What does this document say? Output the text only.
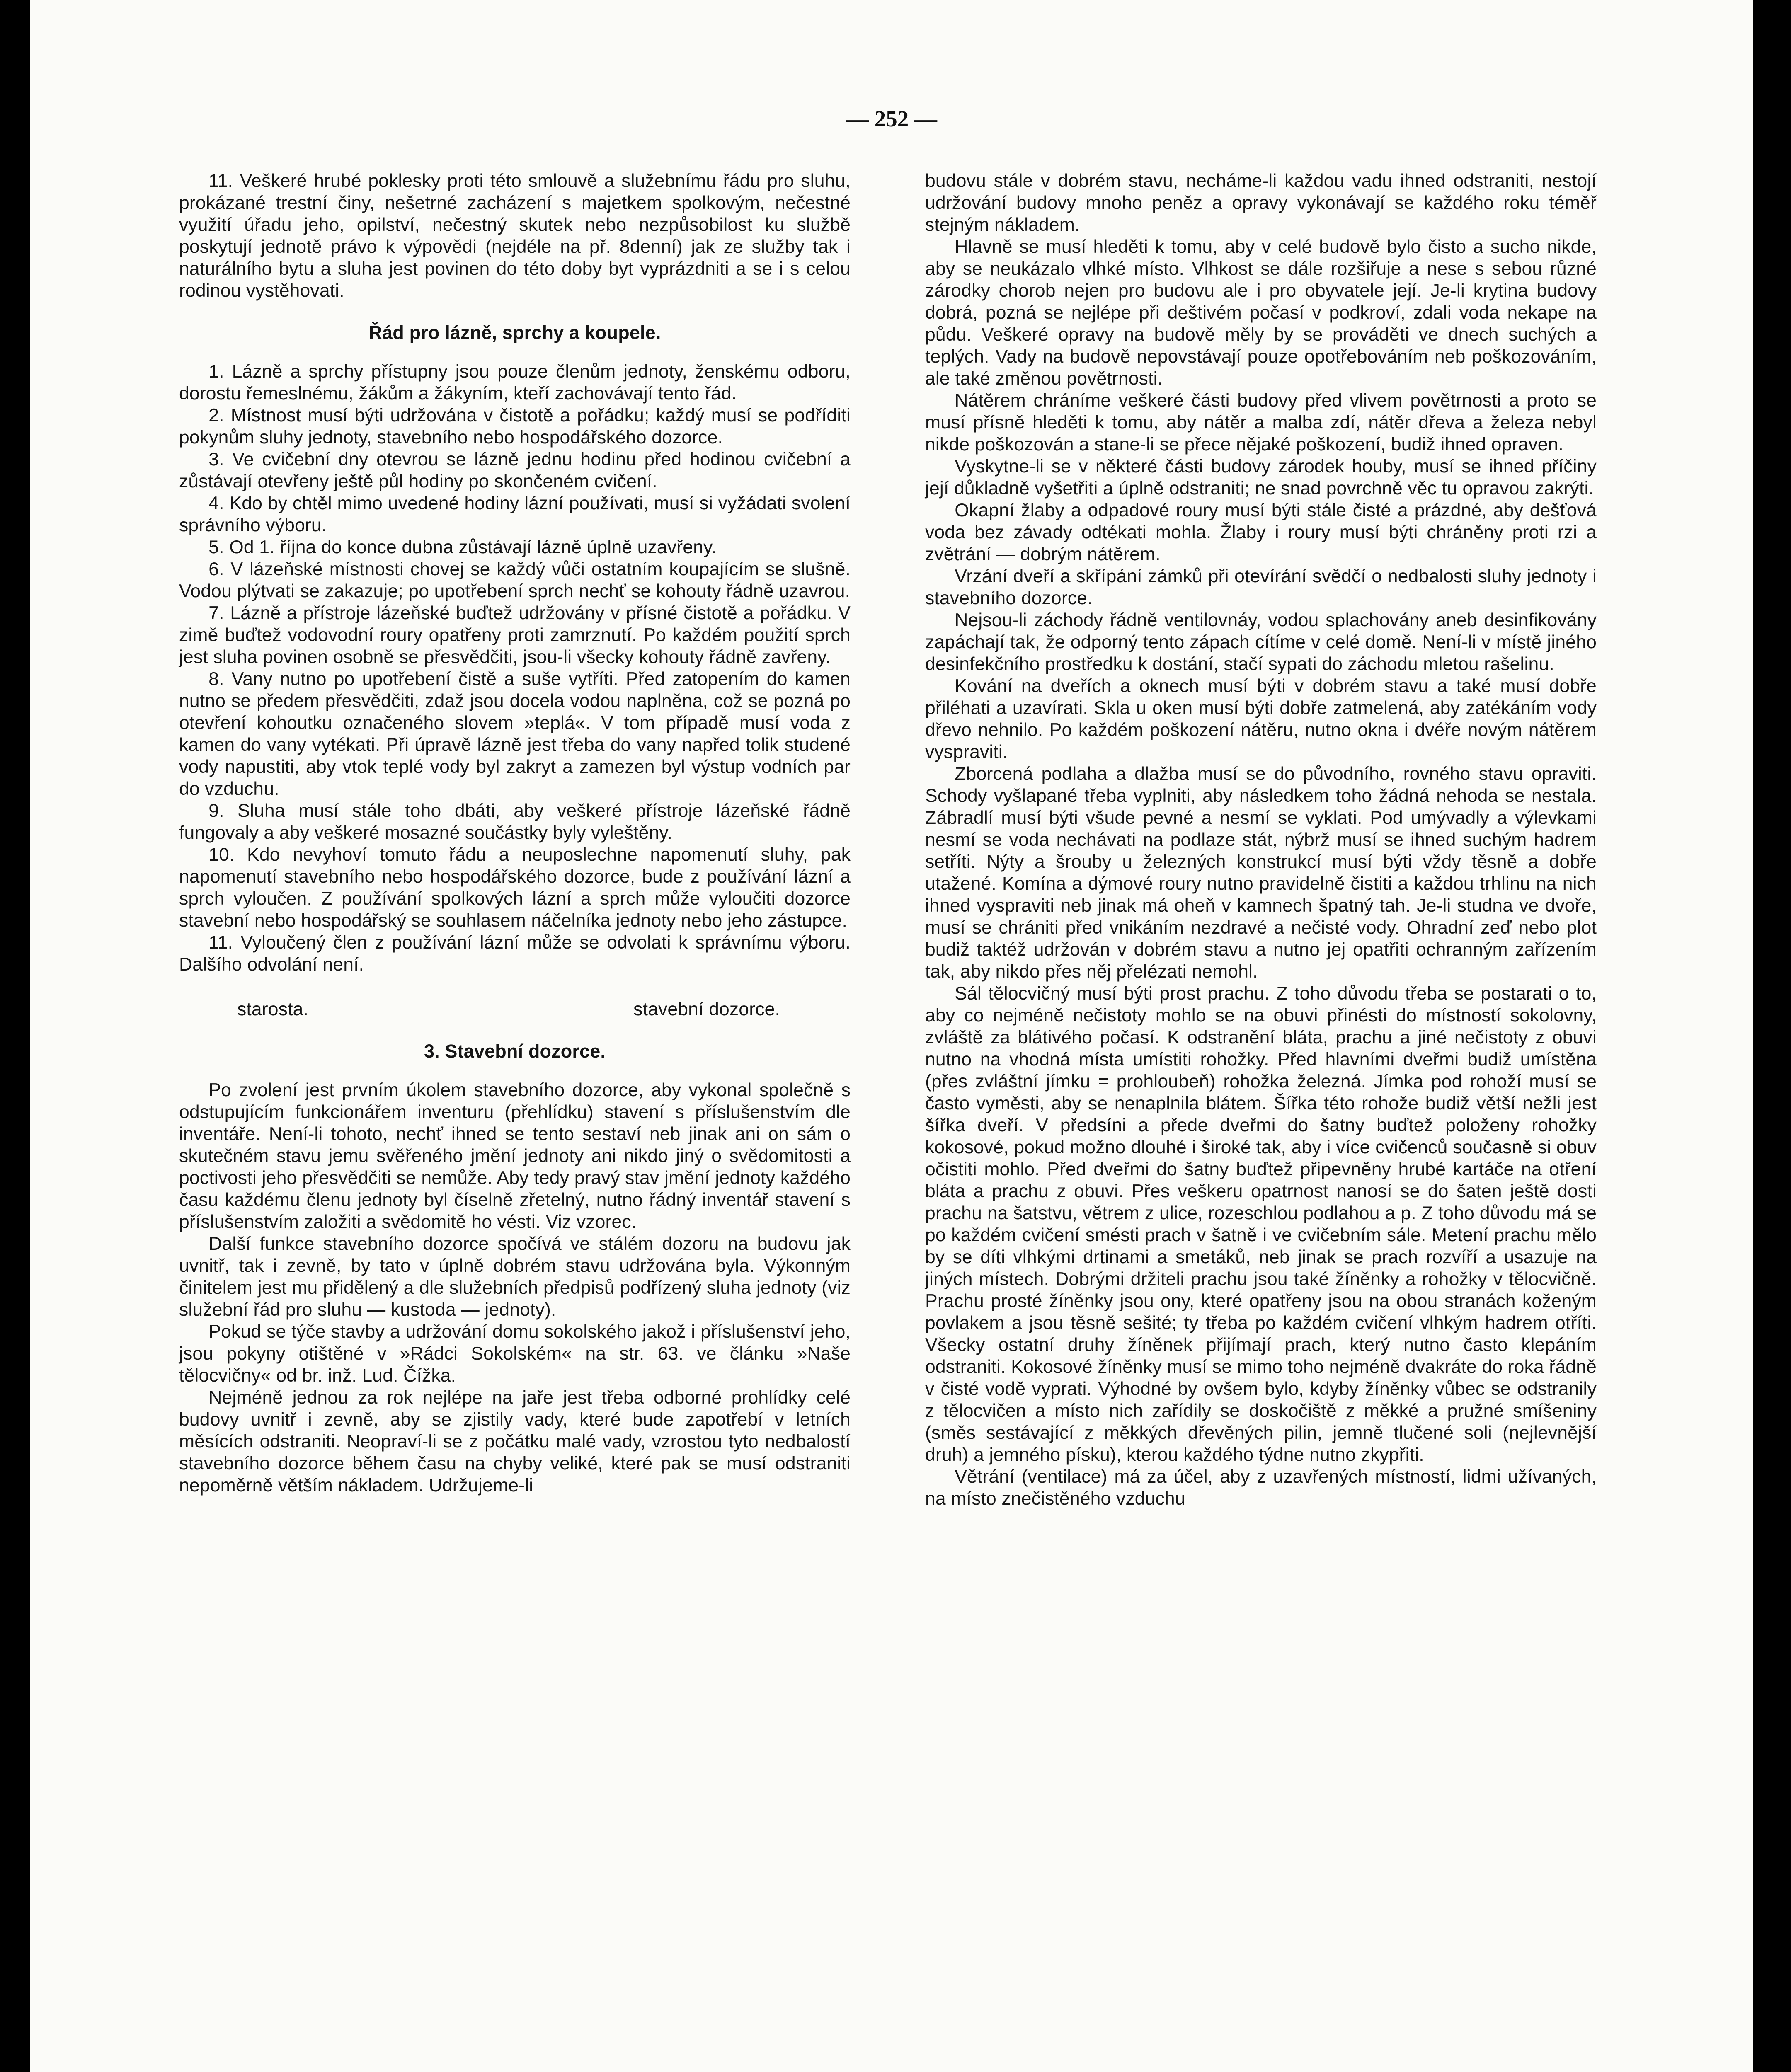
— 252 —

11. Veškeré hrubé poklesky proti této smlouvě a služebnímu řádu pro sluhu, prokázané trestní činy, nešetrné zacházení s majetkem spolkovým, nečestné využití úřadu jeho, opilství, nečestný skutek nebo nezpůsobilost ku službě poskytují jednotě právo k výpovědi (nejdéle na př. 8denní) jak ze služby tak i naturálního bytu a sluha jest povinen do této doby byt vyprázdniti a se i s celou rodinou vystěhovati.

Řád pro lázně, sprchy a koupele.

1. Lázně a sprchy přístupny jsou pouze členům jednoty, ženskému odboru, dorostu řemeslnému, žákům a žákyním, kteří zachovávají tento řád.

2. Místnost musí býti udržována v čistotě a pořádku; každý musí se podříditi pokynům sluhy jednoty, stavebního nebo hospodářského dozorce.

3. Ve cvičební dny otevrou se lázně jednu hodinu před hodinou cvičební a zůstávají otevřeny ještě půl hodiny po skončeném cvičení.

4. Kdo by chtěl mimo uvedené hodiny lázní používati, musí si vyžádati svolení správního výboru.

5. Od 1. října do konce dubna zůstávají lázně úplně uzavřeny.

6. V lázeňské místnosti chovej se každý vůči ostatním koupajícím se slušně. Vodou plýtvati se zakazuje; po upotřebení sprch nechť se kohouty řádně uzavrou.

7. Lázně a přístroje lázeňské buďtež udržovány v přísné čistotě a pořádku. V zimě buďtež vodovodní roury opatřeny proti zamrznutí. Po každém použití sprch jest sluha povinen osobně se přesvědčiti, jsou-li všecky kohouty řádně zavřeny.

8. Vany nutno po upotřebení čistě a suše vytříti. Před zatopením do kamen nutno se předem přesvědčiti, zdaž jsou docela vodou naplněna, což se pozná po otevření kohoutku označeného slovem »teplá«. V tom případě musí voda z kamen do vany vytékati. Při úpravě lázně jest třeba do vany napřed tolik studené vody napustiti, aby vtok teplé vody byl zakryt a zamezen byl výstup vodních par do vzduchu.

9. Sluha musí stále toho dbáti, aby veškeré přístroje lázeňské řádně fungovaly a aby veškeré mosazné součástky byly vyleštěny.

10. Kdo nevyhoví tomuto řádu a neuposlechne napomenutí sluhy, pak napomenutí stavebního nebo hospodářského dozorce, bude z používání lázní a sprch vyloučen. Z používání spolkových lázní a sprch může vyloučiti dozorce stavební nebo hospodářský se souhlasem náčelníka jednoty nebo jeho zástupce.

11. Vyloučený člen z používání lázní může se odvolati k správnímu výboru. Dalšího odvolání není.

starosta.	stavební dozorce.
3. Stavební dozorce.

Po zvolení jest prvním úkolem stavebního dozorce, aby vykonal společně s odstupujícím funkcionářem inventuru (přehlídku) stavení s příslušenstvím dle inventáře. Není-li tohoto, nechť ihned se tento sestaví neb jinak ani on sám o skutečném stavu jemu svěřeného jmění jednoty ani nikdo jiný o svědomitosti a poctivosti jeho přesvědčiti se nemůže. Aby tedy pravý stav jmění jednoty každého času každému členu jednoty byl číselně zřetelný, nutno řádný inventář stavení s příslušenstvím založiti a svědomitě ho vésti. Viz vzorec.

Další funkce stavebního dozorce spočívá ve stálém dozoru na budovu jak uvnitř, tak i zevně, by tato v úplně dobrém stavu udržována byla. Výkonným činitelem jest mu přidělený a dle služebních předpisů podřízený sluha jednoty (viz služební řád pro sluhu — kustoda — jednoty).

Pokud se týče stavby a udržování domu sokolského jakož i příslušenství jeho, jsou pokyny otištěné v »Rádci Sokolském« na str. 63. ve článku »Naše tělocvičny« od br. inž. Lud. Čížka.

Nejméně jednou za rok nejlépe na jaře jest třeba odborné prohlídky celé budovy uvnitř i zevně, aby se zjistily vady, které bude zapotřebí v letních měsících odstraniti. Neopraví-li se z počátku malé vady, vzrostou tyto nedbalostí stavebního dozorce během času na chyby veliké, které pak se musí odstraniti nepoměrně větším nákladem. Udržujeme-li

budovu stále v dobrém stavu, necháme-li každou vadu ihned odstraniti, nestojí udržování budovy mnoho peněz a opravy vykonávají se každého roku téměř stejným nákladem.

Hlavně se musí hleděti k tomu, aby v celé budově bylo čisto a sucho nikde, aby se neukázalo vlhké místo. Vlhkost se dále rozšiřuje a nese s sebou různé zárodky chorob nejen pro budovu ale i pro obyvatele její. Je-li krytina budovy dobrá, pozná se nejlépe při deštivém počasí v podkroví, zdali voda nekape na půdu. Veškeré opravy na budově měly by se prováděti ve dnech suchých a teplých. Vady na budově nepovstávají pouze opotřebováním neb poškozováním, ale také změnou povětrnosti.

Nátěrem chráníme veškeré části budovy před vlivem povětrnosti a proto se musí přísně hleděti k tomu, aby nátěr a malba zdí, nátěr dřeva a železa nebyl nikde poškozován a stane-li se přece nějaké poškození, budiž ihned opraven.

Vyskytne-li se v některé části budovy zárodek houby, musí se ihned příčiny její důkladně vyšetřiti a úplně odstraniti; ne snad povrchně věc tu opravou zakrýti.

Okapní žlaby a odpadové roury musí býti stále čisté a prázdné, aby dešťová voda bez závady odtékati mohla. Žlaby i roury musí býti chráněny proti rzi a zvětrání — dobrým nátěrem.

Vrzání dveří a skřípání zámků při otevírání svědčí o nedbalosti sluhy jednoty i stavebního dozorce.

Nejsou-li záchody řádně ventilovnáy, vodou splachovány aneb desinfikovány zapáchají tak, že odporný tento zápach cítíme v celé domě. Není-li v místě jiného desinfekčního prostředku k dostání, stačí sypati do záchodu mletou rašelinu.

Kování na dveřích a oknech musí býti v dobrém stavu a také musí dobře přiléhati a uzavírati. Skla u oken musí býti dobře zatmelená, aby zatékáním vody dřevo nehnilo. Po každém poškození nátěru, nutno okna i dvéře novým nátěrem vyspraviti.

Zborcená podlaha a dlažba musí se do původního, rovného stavu opraviti. Schody vyšlapané třeba vyplniti, aby následkem toho žádná nehoda se nestala. Zábradlí musí býti všude pevné a nesmí se vyklati. Pod umývadly a výlevkami nesmí se voda nechávati na podlaze stát, nýbrž musí se ihned suchým hadrem setříti. Nýty a šrouby u železných konstrukcí musí býti vždy těsně a dobře utažené. Komína a dýmové roury nutno pravidelně čistiti a každou trhlinu na nich ihned vyspraviti neb jinak má oheň v kamnech špatný tah. Je-li studna ve dvoře, musí se chrániti před vnikáním nezdravé a nečisté vody. Ohradní zeď nebo plot budiž taktéž udržován v dobrém stavu a nutno jej opatřiti ochranným zařízením tak, aby nikdo přes něj přelézati nemohl.

Sál tělocvičný musí býti prost prachu. Z toho důvodu třeba se postarati o to, aby co nejméně nečistoty mohlo se na obuvi přinésti do místností sokolovny, zvláště za blátivého počasí. K odstranění bláta, prachu a jiné nečistoty z obuvi nutno na vhodná místa umístiti rohožky. Před hlavními dveřmi budiž umístěna (přes zvláštní jímku = prohloubeň) rohožka železná. Jímka pod rohoží musí se často vyměsti, aby se nenaplnila blátem. Šířka této rohože budiž větší nežli jest šířka dveří. V předsíni a přede dveřmi do šatny buďtež položeny rohožky kokosové, pokud možno dlouhé i široké tak, aby i více cvičenců současně si obuv očistiti mohlo. Před dveřmi do šatny buďtež připevněny hrubé kartáče na otření bláta a prachu z obuvi. Přes veškeru opatrnost nanosí se do šaten ještě dosti prachu na šatstvu, větrem z ulice, rozeschlou podlahou a p. Z toho důvodu má se po každém cvičení smésti prach v šatně i ve cvičebním sále. Metení prachu mělo by se díti vlhkými drtinami a smetáků, neb jinak se prach rozvíří a usazuje na jiných místech. Dobrými držiteli prachu jsou také žíněnky a rohožky v tělocvičně. Prachu prosté žíněnky jsou ony, které opatřeny jsou na obou stranách koženým povlakem a jsou těsně sešité; ty třeba po každém cvičení vlhkým hadrem otříti. Všecky ostatní druhy žíněnek přijímají prach, který nutno často klepáním odstraniti. Kokosové žíněnky musí se mimo toho nejméně dvakráte do roka řádně v čisté vodě vyprati. Výhodné by ovšem bylo, kdyby žíněnky vůbec se odstranily z tělocvičen a místo nich zařídily se doskočiště z měkké a pružné smíšeniny (směs sestávající z měkkých dřevěných pilin, jemně tlučené soli (nejlevnější druh) a jemného písku), kterou každého týdne nutno zkypřiti.

Větrání (ventilace) má za účel, aby z uzavřených místností, lidmi užívaných, na místo znečistěného vzduchu
